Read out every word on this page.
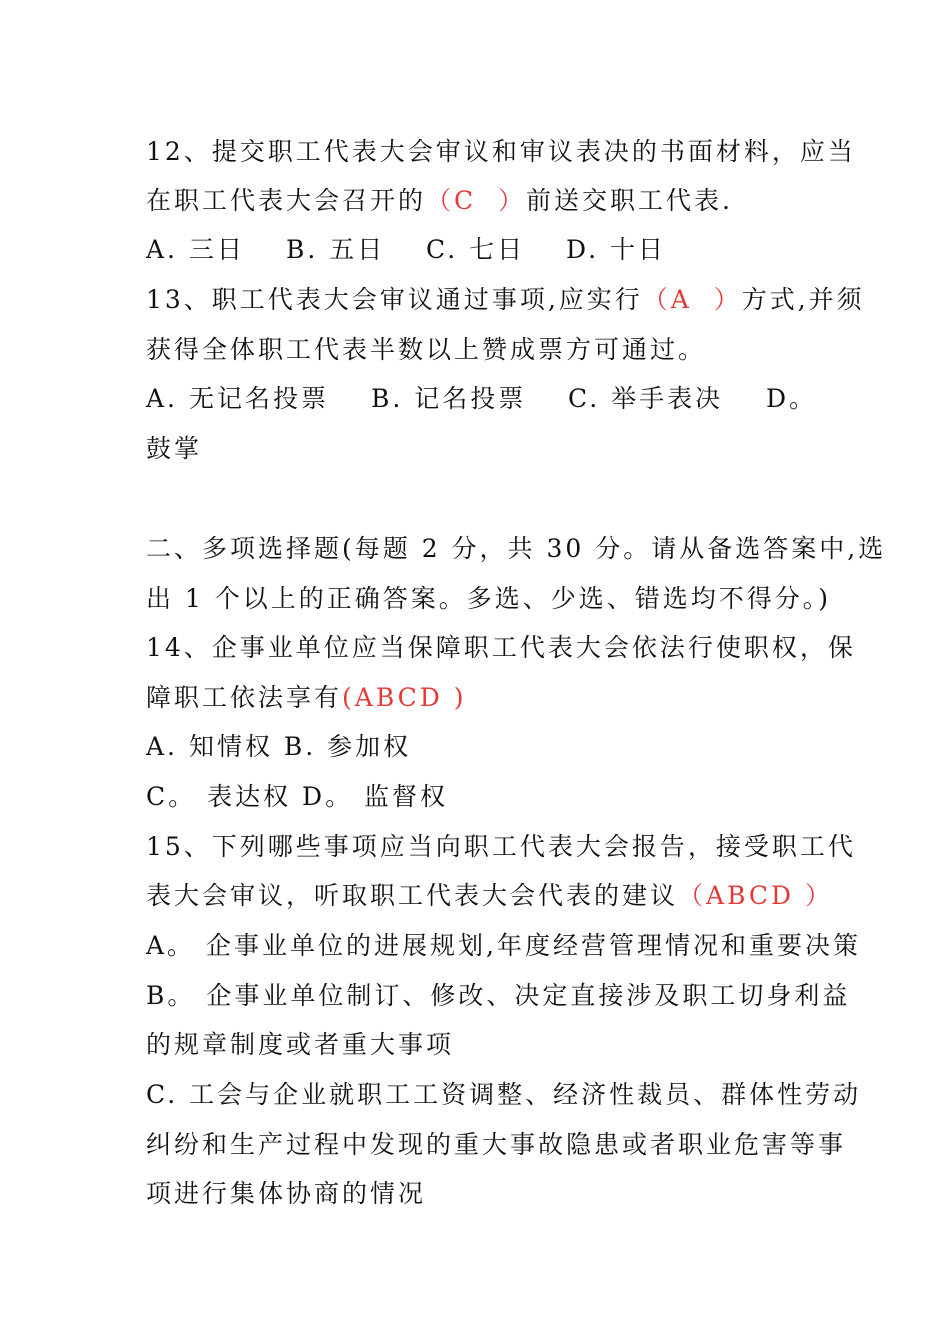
12、提交职工代表大会审议和审议表决的书面材料，应当
在职工代表大会召开的（C  ）前送交职工代表.
A. 三日 B. 五日 C. 七日 D. 十日
13、职工代表大会审议通过事项,应实行（A  ）方式,并须
获得全体职工代表半数以上赞成票方可通过。
A. 无记名投票 B. 记名投票 C. 举手表决 D。
鼓掌
二、多项选择题(每题 2 分，共 30 分。请从备选答案中,选
出 1 个以上的正确答案。多选、少选、错选均不得分。)
14、企事业单位应当保障职工代表大会依法行使职权，保
障职工依法享有(ABCD )
A. 知情权 B. 参加权
C。 表达权 D。 监督权
15、下列哪些事项应当向职工代表大会报告，接受职工代
表大会审议，听取职工代表大会代表的建议（ABCD ）
A。 企事业单位的进展规划,年度经营管理情况和重要决策
B。 企事业单位制订、修改、决定直接涉及职工切身利益
的规章制度或者重大事项
C. 工会与企业就职工工资调整、经济性裁员、群体性劳动
纠纷和生产过程中发现的重大事故隐患或者职业危害等事
项进行集体协商的情况
